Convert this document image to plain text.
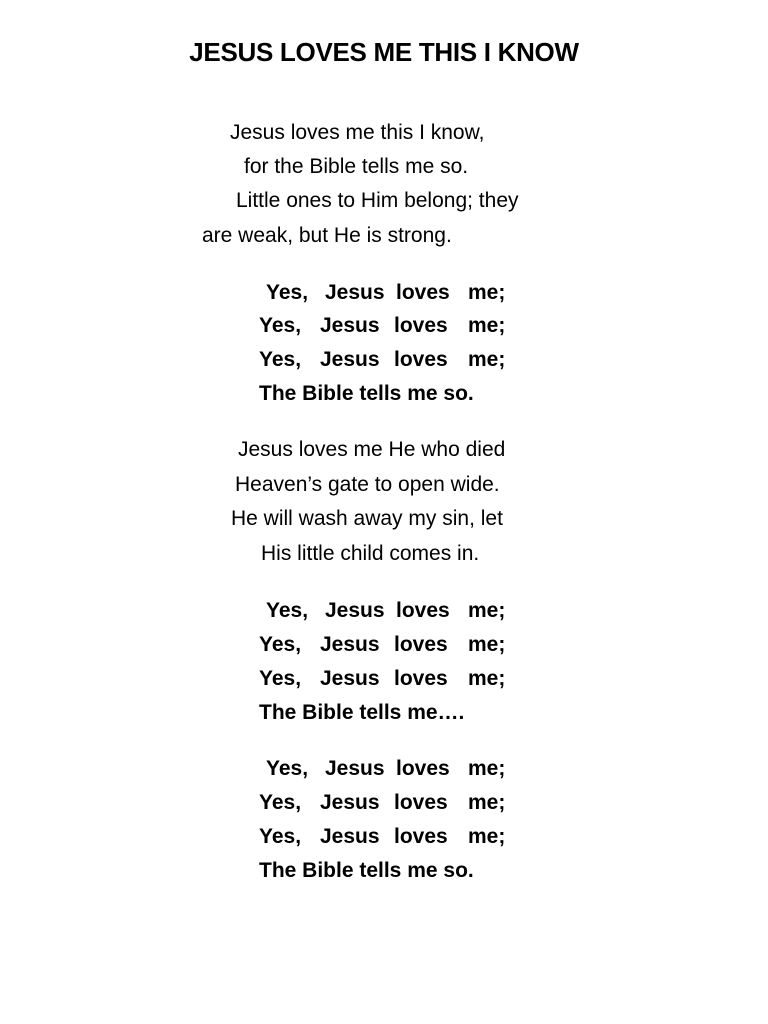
JESUS LOVES ME THIS I KNOW
Jesus loves me this I know,
for the Bible tells me so.
Little ones to Him belong; they
are weak, but He is strong.
Yes, Jesus loves me;
Yes, Jesus loves me;
Yes, Jesus loves me;
The Bible tells me so.
Jesus loves me He who died
Heaven’s gate to open wide.
He will wash away my sin, let
His little child comes in.
Yes, Jesus loves me;
Yes, Jesus loves me;
Yes, Jesus loves me;
The Bible tells me….
Yes, Jesus loves me;
Yes, Jesus loves me;
Yes, Jesus loves me;
The Bible tells me so.
